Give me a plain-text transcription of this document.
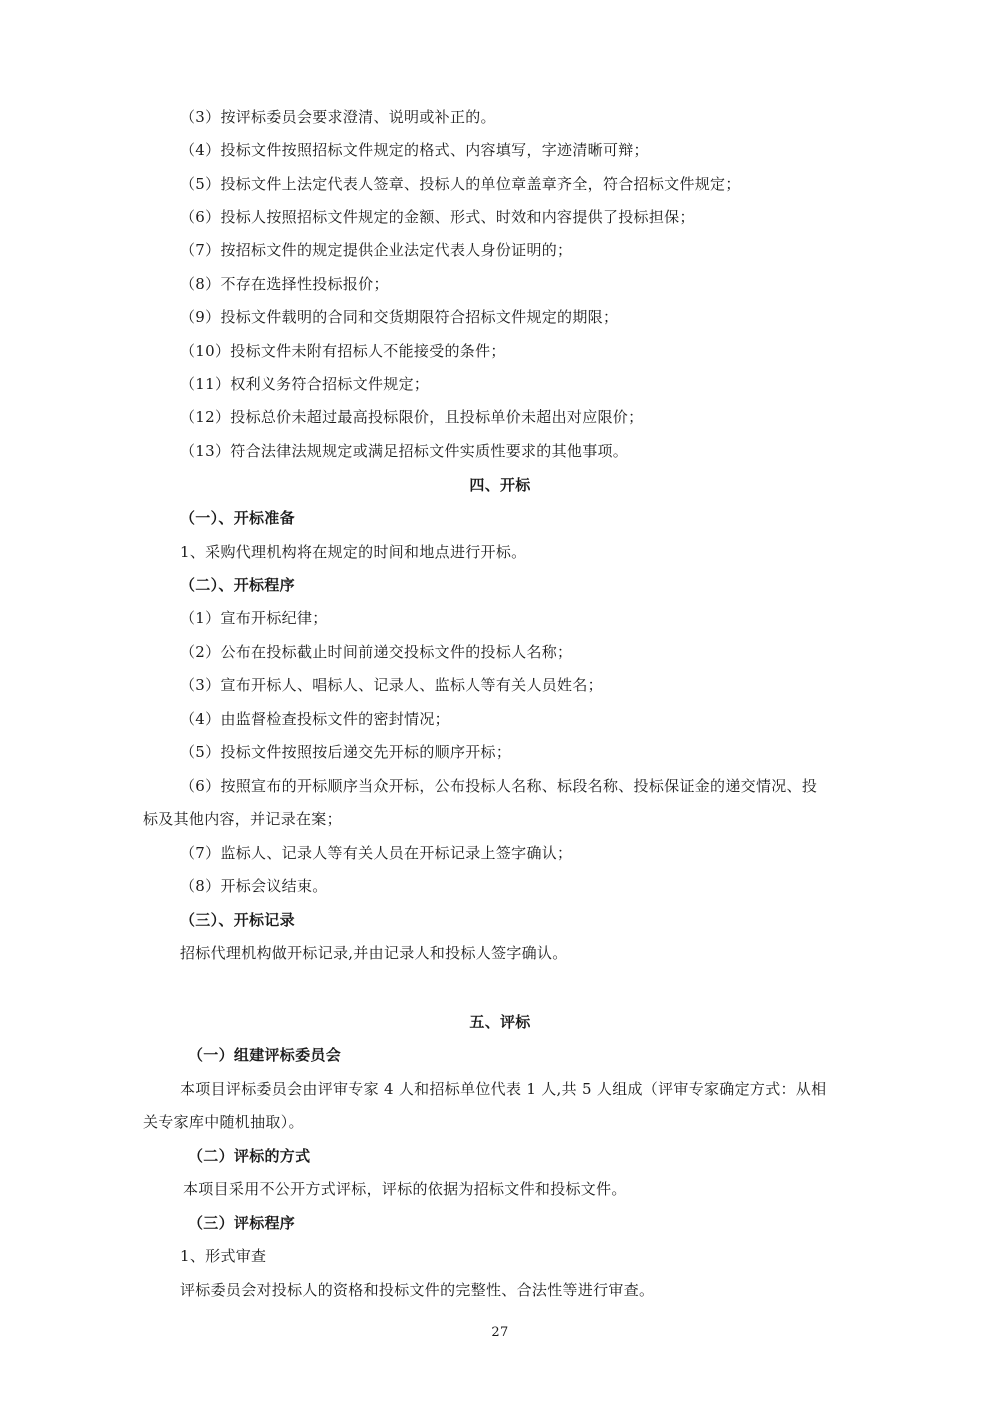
（3）按评标委员会要求澄清、说明或补正的。
（4）投标文件按照招标文件规定的格式、内容填写，字迹清晰可辩；
（5）投标文件上法定代表人签章、投标人的单位章盖章齐全，符合招标文件规定；
（6）投标人按照招标文件规定的金额、形式、时效和内容提供了投标担保；
（7）按招标文件的规定提供企业法定代表人身份证明的；
（8）不存在选择性投标报价；
（9）投标文件载明的合同和交货期限符合招标文件规定的期限；
（10）投标文件未附有招标人不能接受的条件；
（11）权利义务符合招标文件规定；
（12）投标总价未超过最高投标限价，且投标单价未超出对应限价；
（13）符合法律法规规定或满足招标文件实质性要求的其他事项。
四、开标
（一）、开标准备
1、采购代理机构将在规定的时间和地点进行开标。
（二）、开标程序
（1）宣布开标纪律；
（2）公布在投标截止时间前递交投标文件的投标人名称；
（3）宣布开标人、唱标人、记录人、监标人等有关人员姓名；
（4）由监督检查投标文件的密封情况；
（5）投标文件按照按后递交先开标的顺序开标；
（6）按照宣布的开标顺序当众开标，公布投标人名称、标段名称、投标保证金的递交情况、投
标及其他内容，并记录在案；
（7）监标人、记录人等有关人员在开标记录上签字确认；
（8）开标会议结束。
（三）、开标记录
招标代理机构做开标记录,并由记录人和投标人签字确认。
五、评标
（一）组建评标委员会
本项目评标委员会由评审专家 4 人和招标单位代表 1 人,共 5 人组成（评审专家确定方式：从相
关专家库中随机抽取）。
（二）评标的方式
本项目采用不公开方式评标，评标的依据为招标文件和投标文件。
（三）评标程序
1、形式审查
评标委员会对投标人的资格和投标文件的完整性、合法性等进行审查。
27
